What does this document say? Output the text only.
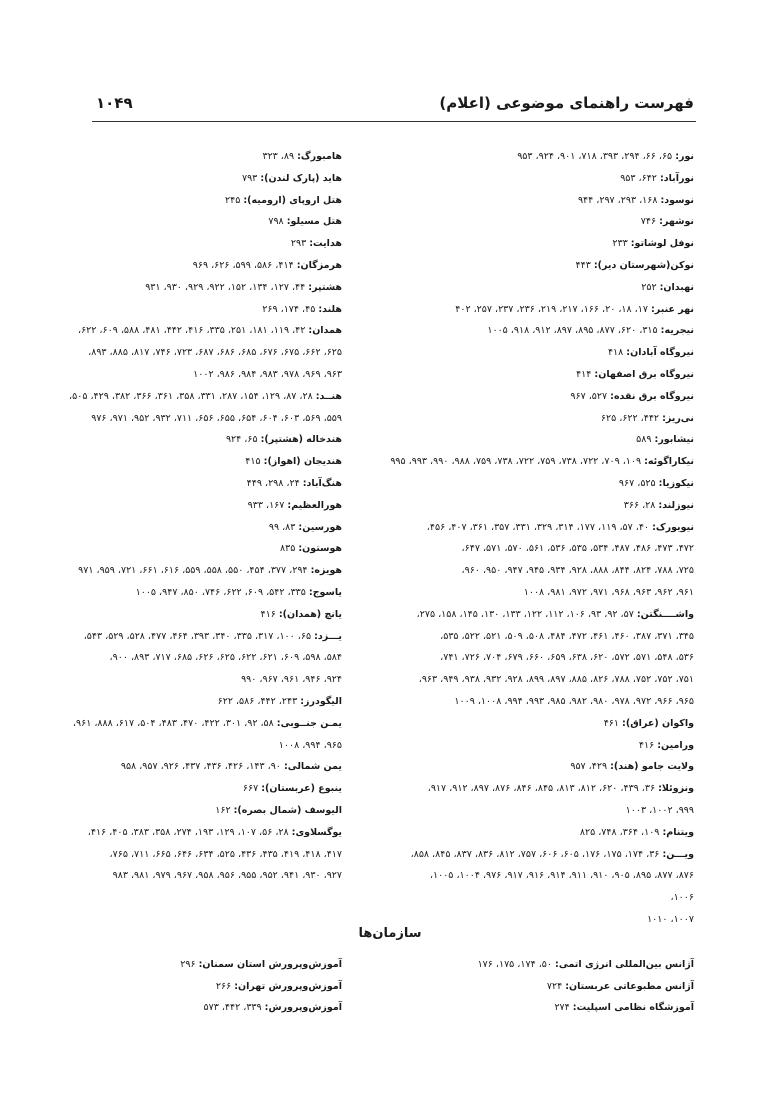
فهرست راهنمای موضوعی (اعلام)
۱۰۴۹
نور: ۶۵، ۶۶، ۲۹۴، ۳۹۳، ۷۱۸، ۹۰۱، ۹۲۴، ۹۵۳
نورآباد: ۶۴۲، ۹۵۳
نوسود: ۱۶۸، ۲۹۳، ۲۹۷، ۹۴۴
نوشهر: ۷۴۶
نوفل لوشاتو: ۲۳۳
نوکن(شهرستان دیر): ۴۴۳
نهبدان: ۲۵۲
نهر عنبر: ۱۷، ۱۸، ۲۰، ۱۶۶، ۲۱۷، ۲۱۹، ۲۳۶، ۲۳۷، ۲۵۷، ۴۰۲
نیجریه: ۳۱۵، ۶۲۰، ۸۷۷، ۸۹۵، ۸۹۷، ۹۱۲، ۹۱۸، ۱۰۰۵
نیروگاه آبادان: ۴۱۸
نیروگاه برق اصفهان: ۴۱۴
نیروگاه برق نقده: ۵۲۷، ۹۶۷
نی‌ریز: ۴۴۲، ۶۲۲، ۶۲۵
نیشابور: ۵۸۹
نیکاراگوئه: ۱۰۹، ۷۰۹، ۷۲۲، ۷۳۸، ۷۵۹، ۷۲۲، ۷۳۸، ۷۵۹، ۹۸۸، ۹۹۰، ۹۹۳، ۹۹۵
نیکوزیا: ۵۲۵، ۹۶۷
نیوزلند: ۲۸، ۳۶۶
نیویورک: ۴۰، ۵۷، ۱۱۹، ۱۷۷، ۳۱۴، ۳۲۹، ۳۳۱، ۳۵۷، ۳۶۱، ۴۰۷، ۴۵۶،
۴۷۲، ۴۷۳، ۴۸۶، ۴۸۷، ۵۳۴، ۵۳۵، ۵۳۶، ۵۶۱، ۵۷۰، ۵۷۱، ۶۴۷،
۷۲۵، ۷۸۸، ۸۲۴، ۸۴۴، ۸۸۸، ۹۲۸، ۹۳۴، ۹۴۵، ۹۴۷، ۹۵۰، ۹۶۰،
۹۶۱، ۹۶۲، ۹۶۳، ۹۶۸، ۹۷۱، ۹۷۲، ۹۸۱، ۱۰۰۸
واشــــنگتن: ۵۷، ۹۲، ۹۳، ۱۰۶، ۱۱۲، ۱۲۲، ۱۳۳، ۱۳۰، ۱۴۵، ۱۵۸، ۲۷۵،
۳۴۵، ۳۷۱، ۳۸۷، ۴۶۰، ۴۶۱، ۴۷۲، ۴۸۴، ۵۰۸، ۵۰۹، ۵۲۱، ۵۲۲، ۵۳۵،
۵۳۶، ۵۴۸، ۵۷۱، ۵۷۲، ۶۲۰، ۶۳۸، ۶۵۹، ۶۶۰، ۶۷۹، ۷۰۴، ۷۲۶، ۷۴۱،
۷۵۱، ۷۵۲، ۷۵۲، ۷۸۸، ۸۲۶، ۸۸۵، ۸۹۷، ۸۹۹، ۹۲۸، ۹۳۲، ۹۳۸، ۹۴۹، ۹۶۳،
۹۶۵، ۹۶۶، ۹۷۲، ۹۷۸، ۹۸۰، ۹۸۲، ۹۸۵، ۹۹۳، ۹۹۴، ۱۰۰۸، ۱۰۰۹
واکوان (عراق): ۴۶۱
ورامین: ۴۱۶
ولایت جامو (هند): ۴۲۹، ۹۵۷
ونزوئلا: ۳۶، ۴۳۹، ۶۲۰، ۸۱۲، ۸۱۳، ۸۴۵، ۸۴۶، ۸۷۶، ۸۹۷، ۹۱۲، ۹۱۷،
۹۹۹، ۱۰۰۲، ۱۰۰۳
ویتنام: ۱۰۹، ۳۶۴، ۷۴۸، ۸۲۵
ویـــن: ۳۶، ۱۷۴، ۱۷۵، ۱۷۶، ۶۰۵، ۶۰۶، ۷۵۷، ۸۱۲، ۸۳۶، ۸۳۷، ۸۴۵، ۸۵۸،
۸۷۶، ۸۷۷، ۸۹۵، ۹۰۵، ۹۱۰، ۹۱۱، ۹۱۴، ۹۱۶، ۹۱۷، ۹۷۶، ۱۰۰۴، ۱۰۰۵،
۱۰۰۶،
۱۰۰۷، ۱۰۱۰
هامبورگ: ۸۹، ۳۲۳
هاید (پارک لندن): ۷۹۳
هتل اروپای (ارومیه): ۲۴۵
هتل مسیلو: ۷۹۸
هدایت: ۲۹۳
هرمزگان: ۴۱۴، ۵۸۶، ۵۹۹، ۶۲۶، ۹۶۹
هشتپر: ۴۴، ۱۲۷، ۱۳۴، ۱۵۲، ۹۲۲، ۹۲۹، ۹۳۰، ۹۳۱
هلند: ۴۵، ۱۷۴، ۲۶۹
همدان: ۴۲، ۱۱۹، ۱۸۱، ۲۵۱، ۳۳۵، ۴۱۶، ۴۴۲، ۴۸۱، ۵۸۸، ۶۰۹، ۶۲۲،
۶۲۵، ۶۶۲، ۶۷۵، ۶۷۶، ۶۸۵، ۶۸۶، ۶۸۷، ۷۲۳، ۷۴۶، ۸۱۷، ۸۸۵، ۸۹۳،
۹۶۳، ۹۶۹، ۹۷۸، ۹۸۳، ۹۸۴، ۹۸۶، ۱۰۰۲
هنــد: ۲۸، ۸۷، ۱۲۹، ۱۵۴، ۲۸۷، ۳۳۱، ۳۵۸، ۳۶۱، ۳۶۶، ۳۸۲، ۴۲۹، ۵۰۵،
۵۵۹، ۵۶۹، ۶۰۳، ۶۰۴، ۶۵۴، ۶۵۵، ۶۵۶، ۷۱۱، ۹۳۲، ۹۵۲، ۹۷۱، ۹۷۶
هندخاله (هشتپر): ۶۵، ۹۲۴
هندیجان (اهواز): ۴۱۵
هنگ‌آباد: ۲۴، ۲۹۸، ۴۴۹
هورالعظیم: ۱۶۷، ۹۳۳
هورسین: ۸۳، ۹۹
هوستون: ۸۳۵
هویزه: ۲۹۴، ۳۷۷، ۴۵۴، ۵۵۰، ۵۵۸، ۵۵۹، ۶۱۶، ۶۶۱، ۷۲۱، ۹۵۹، ۹۷۱
یاسوج: ۳۳۵، ۵۴۲، ۶۰۹، ۶۲۲، ۷۴۶، ۸۵۰، ۹۴۷، ۱۰۰۵
یانچ (همدان): ۴۱۶
یـــزد: ۶۵، ۱۰۰، ۳۱۷، ۳۳۵، ۳۴۰، ۳۹۳، ۴۶۴، ۴۷۷، ۵۲۸، ۵۲۹، ۵۴۳،
۵۸۴، ۵۹۸، ۶۰۹، ۶۲۱، ۶۲۲، ۶۲۵، ۶۲۶، ۶۸۵، ۷۱۷، ۸۹۳، ۹۰۰،
۹۲۴، ۹۴۶، ۹۶۱، ۹۶۷، ۹۹۰
الیگودرز: ۲۴۳، ۴۴۲، ۵۸۶، ۶۲۲
یمـن جنــوبی: ۵۸، ۹۲، ۳۰۱، ۴۲۲، ۴۷۰، ۴۸۳، ۵۰۴، ۶۱۷، ۸۸۸، ۹۶۱،
۹۶۵، ۹۹۴، ۱۰۰۸
یمن شمالی: ۹۰، ۱۴۳، ۴۲۶، ۴۳۶، ۴۳۷، ۹۲۶، ۹۵۷، ۹۵۸
ینبوع (عربستان): ۶۶۷
الیوسف (شمال بصره): ۱۶۲
یوگسلاوی: ۲۸، ۵۶، ۱۰۷، ۱۲۹، ۱۹۳، ۲۷۴، ۳۵۸، ۳۸۳، ۴۰۵، ۴۱۶،
۴۱۷، ۴۱۸، ۴۱۹، ۴۳۵، ۴۳۶، ۵۲۵، ۶۳۴، ۶۴۶، ۶۶۵، ۷۱۱، ۷۶۵،
۹۲۷، ۹۳۰، ۹۴۱، ۹۵۲، ۹۵۵، ۹۵۶، ۹۵۸، ۹۶۷، ۹۷۹، ۹۸۱، ۹۸۳
سازمان‌ها
آژانس بین‌المللی انرژی اتمی: ۵۰، ۱۷۴، ۱۷۵، ۱۷۶
آژانس مطبوعاتی عربستان: ۷۲۴
آموزشگاه نظامی اسپلیت: ۲۷۴
آموزش‌وپرورش استان سمنان: ۲۹۶
آموزش‌وپرورش تهران: ۲۶۶
آموزش‌وپرورش: ۳۳۹، ۴۴۲، ۵۷۳
